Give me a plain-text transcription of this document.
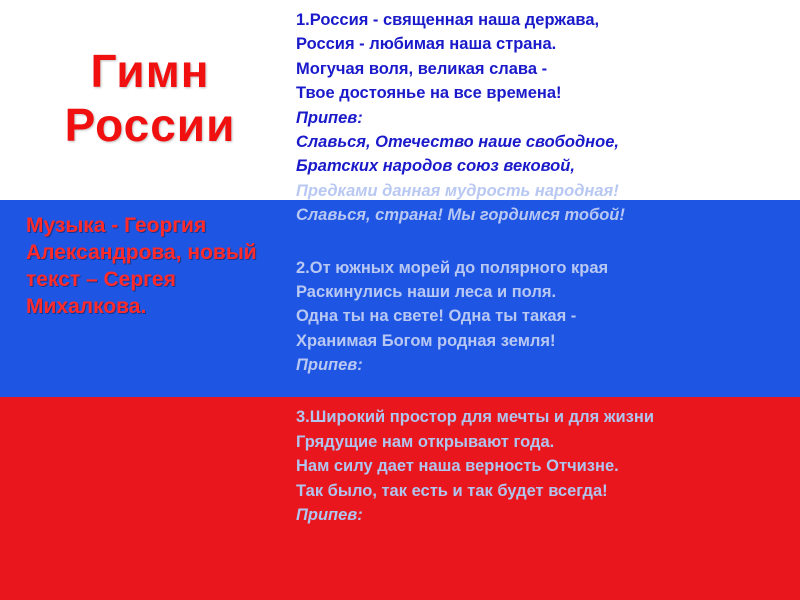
Гимн
России
Музыка - Георгия Александрова, новый текст – Сергея Михалкова.
1.Россия - священная наша держава,
Россия - любимая наша страна.
Могучая воля, великая слава -
Твое достоянье на все времена!
Припев:
Славься, Отечество наше свободное,
Братских народов союз вековой,
Предками данная мудрость народная!
Славься, страна! Мы гордимся тобой!
2.От южных морей до полярного края
Раскинулись наши леса и поля.
Одна ты на свете! Одна ты такая -
Хранимая Богом родная земля!
Припев:
3.Широкий простор для мечты и для жизни
Грядущие нам открывают года.
Нам силу дает наша верность Отчизне.
Так было, так есть и так будет всегда!
Припев:
